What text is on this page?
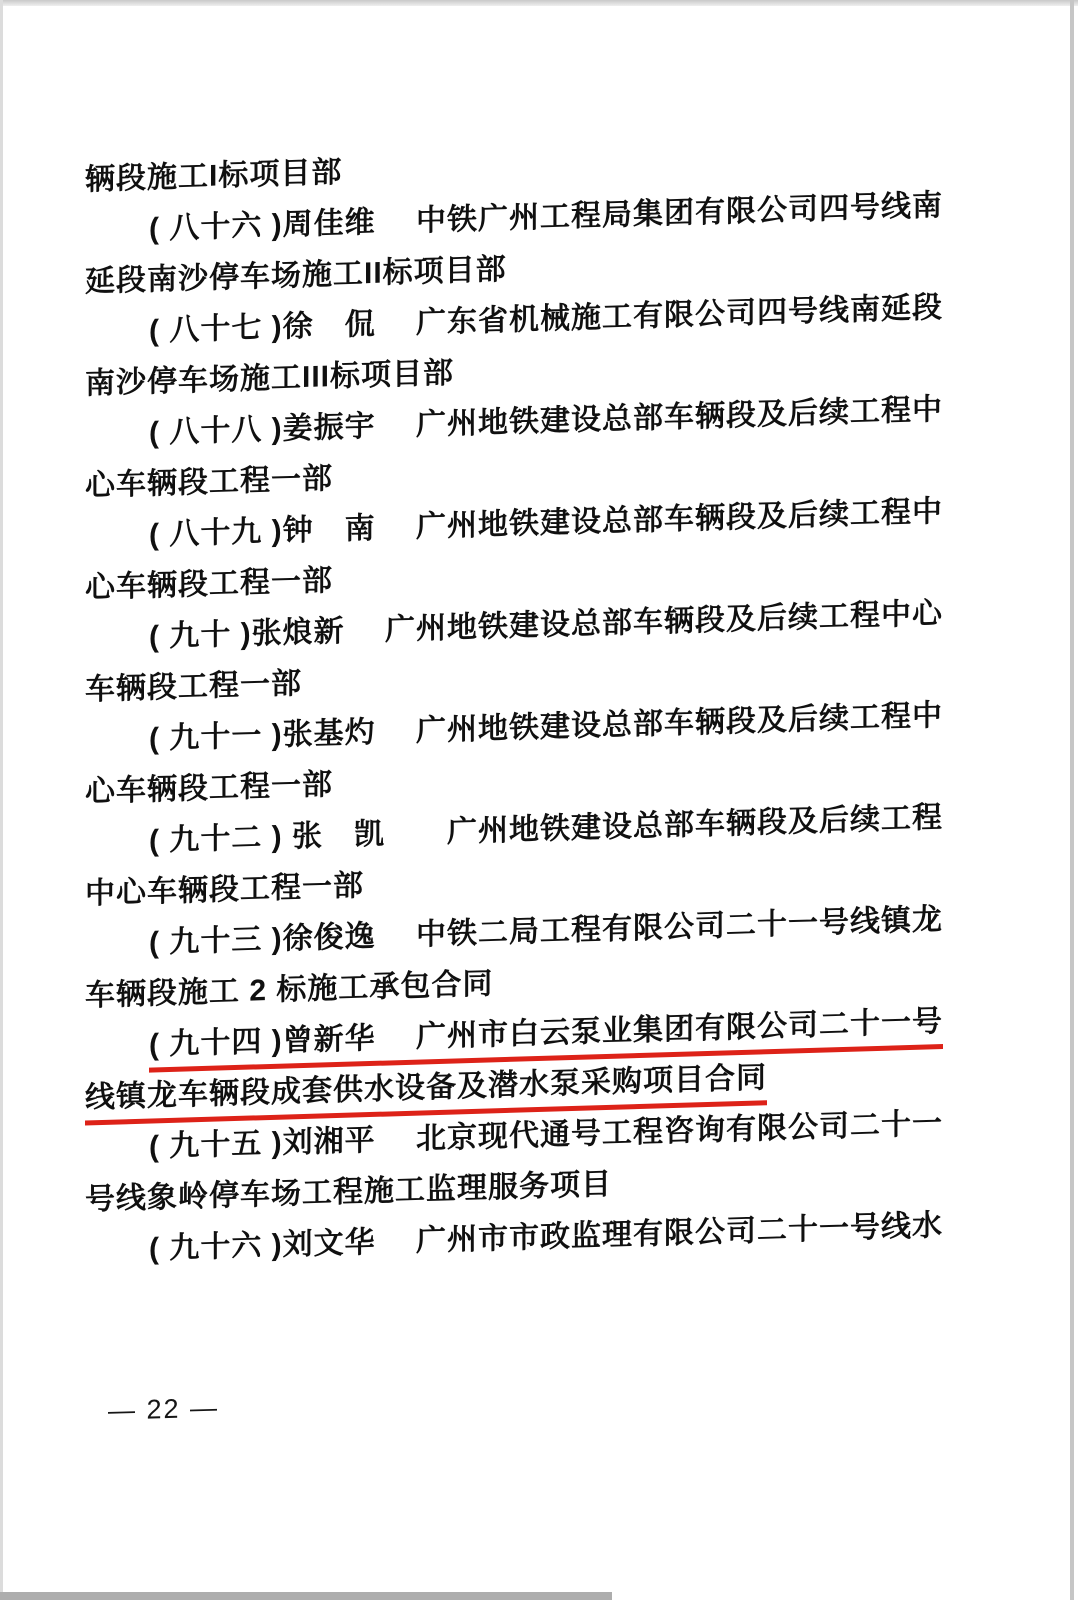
辆段施工I标项目部
( 八十六 )周佳维　 中铁广州工程局集团有限公司四号线南
延段南沙停车场施工II标项目部
( 八十七 )徐　侃　 广东省机械施工有限公司四号线南延段
南沙停车场施工III标项目部
( 八十八 )姜振宇　 广州地铁建设总部车辆段及后续工程中
心车辆段工程一部
( 八十九 )钟　南　 广州地铁建设总部车辆段及后续工程中
心车辆段工程一部
( 九十 )张烺新　 广州地铁建设总部车辆段及后续工程中心
车辆段工程一部
( 九十一 )张基灼　 广州地铁建设总部车辆段及后续工程中
心车辆段工程一部
( 九十二 ) 张　凯　　广州地铁建设总部车辆段及后续工程
中心车辆段工程一部
( 九十三 )徐俊逸　 中铁二局工程有限公司二十一号线镇龙
车辆段施工 2 标施工承包合同
( 九十四 )曾新华　 广州市白云泵业集团有限公司二十一号
线镇龙车辆段成套供水设备及潜水泵采购项目合同
( 九十五 )刘湘平　 北京现代通号工程咨询有限公司二十一
号线象岭停车场工程施工监理服务项目
( 九十六 )刘文华　 广州市市政监理有限公司二十一号线水
— 22 —
